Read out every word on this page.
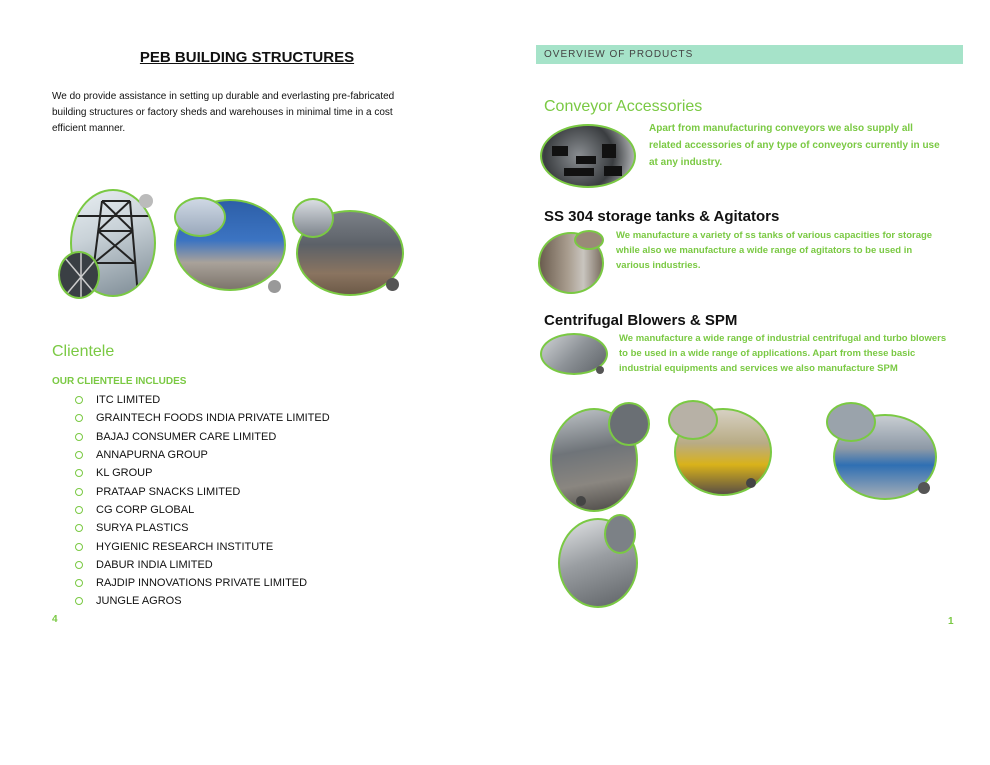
PEB BUILDING STRUCTURES
We do provide assistance in setting up durable and everlasting pre-fabricated building structures or factory sheds and warehouses in minimal time in a cost efficient manner.
Clientele
OUR CLIENTELE INCLUDES
ITC LIMITED
GRAINTECH FOODS INDIA PRIVATE LIMITED
BAJAJ CONSUMER CARE LIMITED
ANNAPURNA GROUP
KL GROUP
PRATAAP SNACKS LIMITED
CG CORP GLOBAL
SURYA PLASTICS
HYGIENIC RESEARCH INSTITUTE
DABUR INDIA LIMITED
RAJDIP INNOVATIONS PRIVATE LIMITED
JUNGLE AGROS
4
OVERVIEW OF PRODUCTS
Conveyor Accessories
Apart from manufacturing conveyors we also supply all related accessories of any type of conveyors currently in use at any industry.
SS 304 storage tanks & Agitators
We manufacture a variety of ss tanks of various capacities for storage while also we manufacture a wide range of agitators to be used in various industries.
Centrifugal Blowers & SPM
We manufacture a wide range of industrial centrifugal and turbo blowers to be used in a wide range of applications. Apart from these basic industrial equipments and services we also manufacture SPM
1
